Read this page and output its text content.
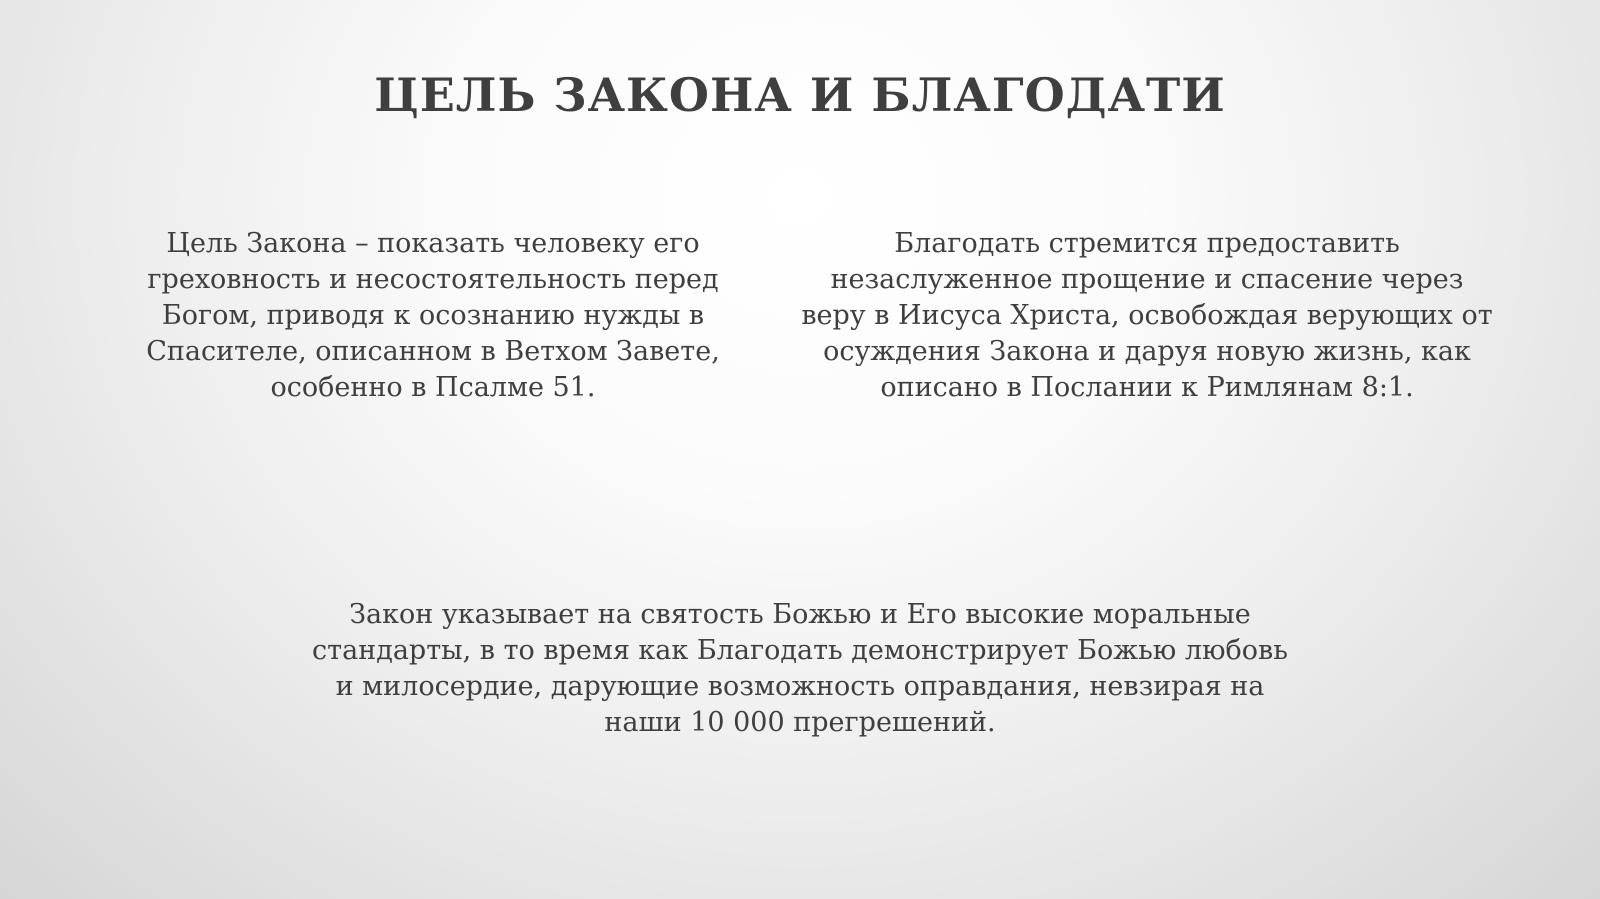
ЦЕЛЬ ЗАКОНА И БЛАГОДАТИ
Цель Закона – показать человеку его греховность и несостоятельность перед Богом, приводя к осознанию нужды в Спасителе, описанном в Ветхом Завете, особенно в Псалме 51.
Благодать стремится предоставить незаслуженное прощение и спасение через веру в Иисуса Христа, освобождая верующих от осуждения Закона и даруя новую жизнь, как описано в Послании к Римлянам 8:1.
Закон указывает на святость Божью и Его высокие моральные стандарты, в то время как Благодать демонстрирует Божью любовь и милосердие, дарующие возможность оправдания, невзирая на наши 10 000 прегрешений.
